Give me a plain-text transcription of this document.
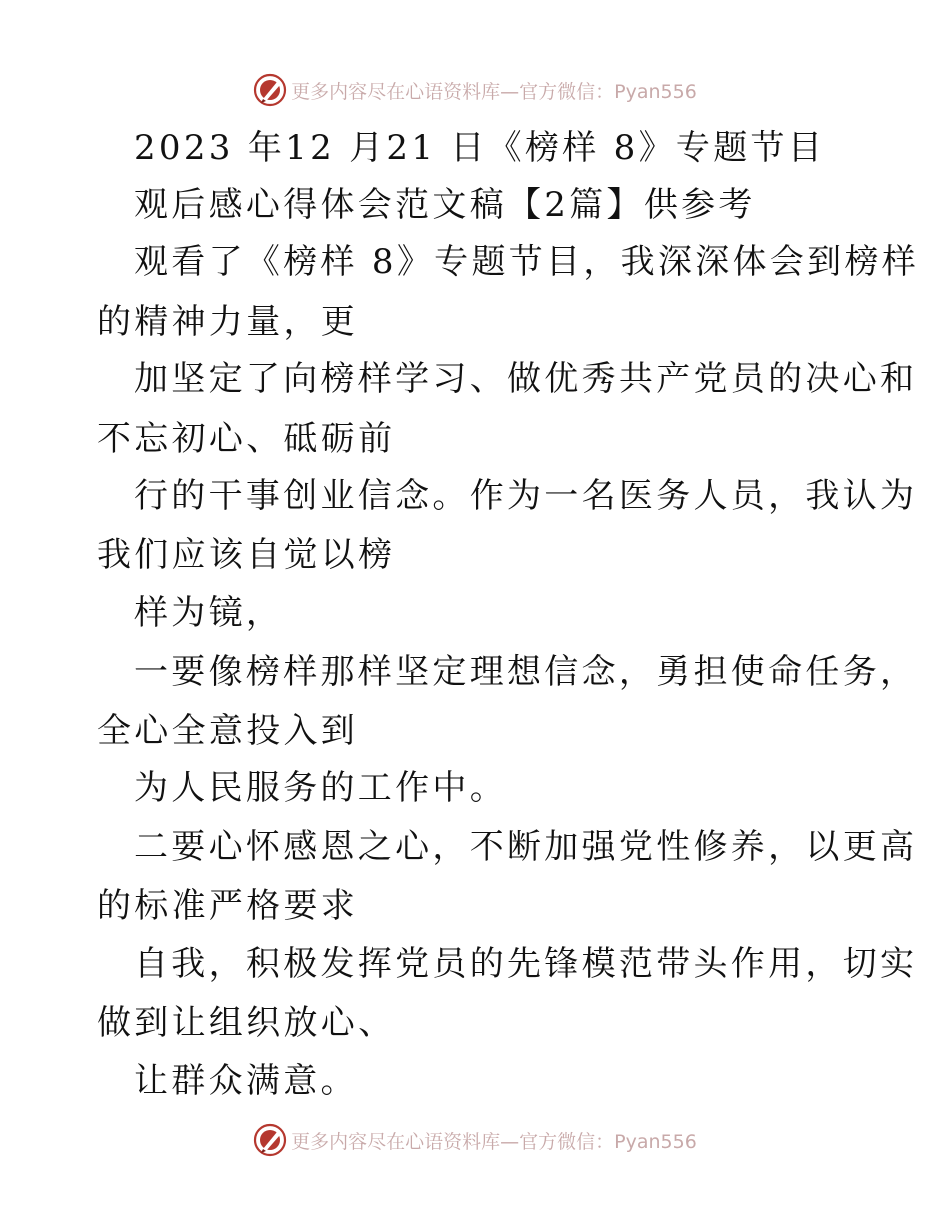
更多内容尽在心语资料库—官方微信：Pyan556
2023 年12 月21 日《榜样 8》专题节目
观后感心得体会范文稿【2篇】供参考
观看了《榜样 8》专题节目，我深深体会到榜样
的精神力量，更
加坚定了向榜样学习、做优秀共产党员的决心和
不忘初心、砥砺前
行的干事创业信念。作为一名医务人员，我认为
我们应该自觉以榜
样为镜，
一要像榜样那样坚定理想信念，勇担使命任务，
全心全意投入到
为人民服务的工作中。
二要心怀感恩之心，不断加强党性修养，以更高
的标准严格要求
自我，积极发挥党员的先锋模范带头作用，切实
做到让组织放心、
让群众满意。
更多内容尽在心语资料库—官方微信：Pyan556
